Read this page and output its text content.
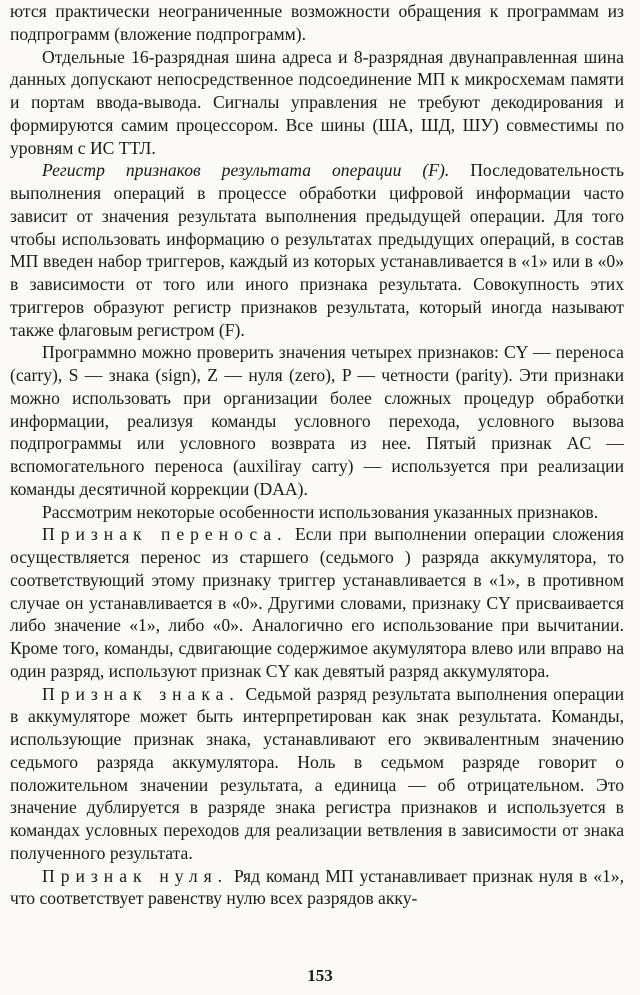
ются практически неограниченные возможности обращения к программам из подпрограмм (вложение подпрограмм).

Отдельные 16-разрядная шина адреса и 8-разрядная двунаправленная шина данных допускают непосредственное подсоединение МП к микросхемам памяти и портам ввода-вывода. Сигналы управления не требуют декодирования и формируются самим процессором. Все шины (ША, ШД, ШУ) совместимы по уровням с ИС ТТЛ.

Регистр признаков результата операции (F). Последовательность выполнения операций в процессе обработки цифровой информации часто зависит от значения результата выполнения предыдущей операции. Для того чтобы использовать информацию о результатах предыдущих операций, в состав МП введен набор триггеров, каждый из которых устанавливается в «1» или в «0» в зависимости от того или иного признака результата. Совокупность этих триггеров образуют регистр признаков результата, который иногда называют также флаговым регистром (F).

Программно можно проверить значения четырех признаков: CY — переноса (carry), S — знака (sign), Z — нуля (zero), P — четности (parity). Эти признаки можно использовать при организации более сложных процедур обработки информации, реализуя команды условного перехода, условного вызова подпрограммы или условного возврата из нее. Пятый признак AC — вспомогательного переноса (auxiliray carry) — используется при реализации команды десятичной коррекции (DAA).

Рассмотрим некоторые особенности использования указанных признаков.

Признак переноса. Если при выполнении операции сложения осуществляется перенос из старшего (седьмого ) разряда аккумулятора, то соответствующий этому признаку триггер устанавливается в «1», в противном случае он устанавливается в «0». Другими словами, признаку CY присваивается либо значение «1», либо «0». Аналогично его использование при вычитании. Кроме того, команды, сдвигающие содержимое акумулятора влево или вправо на один разряд, используют признак CY как девятый разряд аккумулятора.

Признак знака. Седьмой разряд результата выполнения операции в аккумуляторе может быть интерпретирован как знак результата. Команды, использующие признак знака, устанавливают его эквивалентным значению седьмого разряда аккумулятора. Ноль в седьмом разряде говорит о положительном значении результата, а единица — об отрицательном. Это значение дублируется в разряде знака регистра признаков и используется в командах условных переходов для реализации ветвления в зависимости от знака полученного результата.

Признак нуля. Ряд команд МП устанавливает признак нуля в «1», что соответствует равенству нулю всех разрядов акку-

153
